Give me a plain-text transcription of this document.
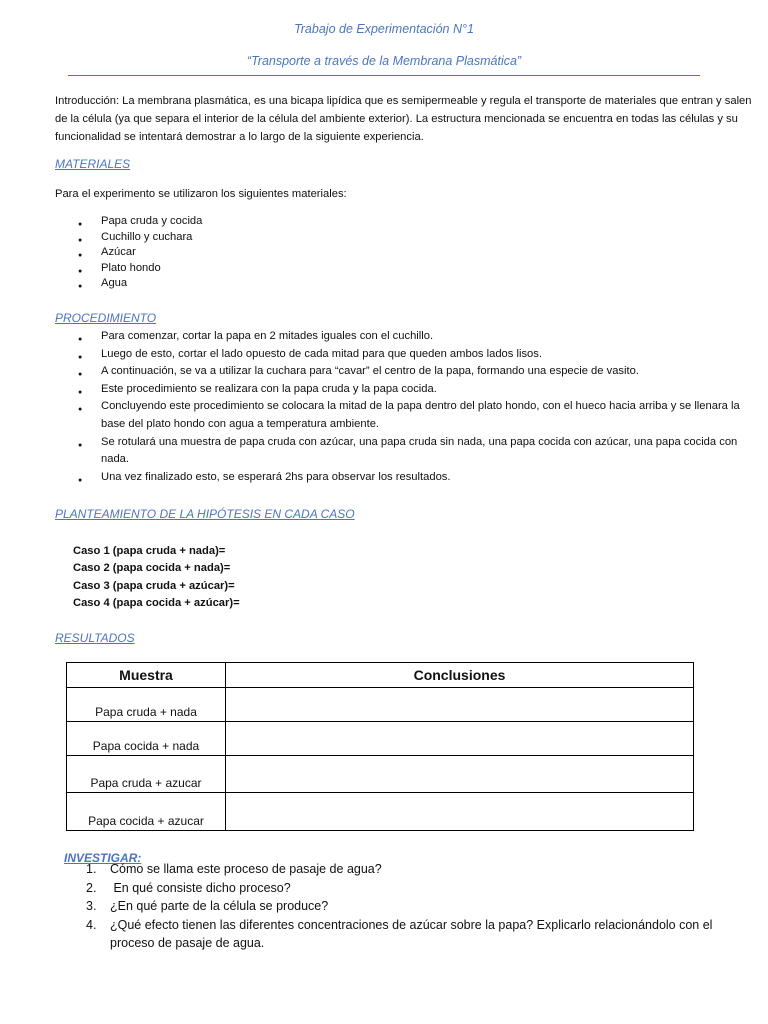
Trabajo de Experimentación N°1
“Transporte a través de la Membrana Plasmática”
Introducción: La membrana plasmática, es una bicapa lipídica que es semipermeable y regula el transporte de materiales que entran y salen de la célula (ya que separa el interior de la célula del ambiente exterior). La estructura mencionada se encuentra en todas las células y su funcionalidad se intentará demostrar a lo largo de la siguiente experiencia.
MATERIALES
Para el experimento se utilizaron los siguientes materiales:
● Papa cruda y cocida
● Cuchillo y cuchara
● Azúcar
● Plato hondo
● Agua
PROCEDIMIENTO
● Para comenzar, cortar la papa en 2 mitades iguales con el cuchillo.
● Luego de esto, cortar el lado opuesto de cada mitad para que queden ambos lados lisos.
● A continuación, se va a utilizar la cuchara para “cavar” el centro de la papa, formando una especie de vasito.
● Este procedimiento se realizara con la papa cruda y la papa cocida.
● Concluyendo este procedimiento se colocara la mitad de la papa dentro del plato hondo, con el hueco hacia arriba y se llenara la base del plato hondo con agua a temperatura ambiente.
● Se rotulará una muestra de papa cruda con azúcar, una papa cruda sin nada, una papa cocida con azúcar, una papa cocida con nada.
● Una vez finalizado esto, se esperará 2hs para observar los resultados.
PLANTEAMIENTO DE LA HIPÓTESIS EN CADA CASO
Caso 1 (papa cruda + nada)=
Caso 2 (papa cocida + nada)=
Caso 3 (papa cruda + azúcar)=
Caso 4 (papa cocida + azúcar)=
RESULTADOS
Muestra	Conclusiones
Papa cruda + nada	
Papa cocida + nada	
Papa cruda + azucar	
Papa cocida + azucar	
INVESTIGAR:
1. Cómo se llama este proceso de pasaje de agua?
2. En qué consiste dicho proceso?
3. ¿En qué parte de la célula se produce?
4. ¿Qué efecto tienen las diferentes concentraciones de azúcar sobre la papa? Explicarlo relacionándolo con el proceso de pasaje de agua.
